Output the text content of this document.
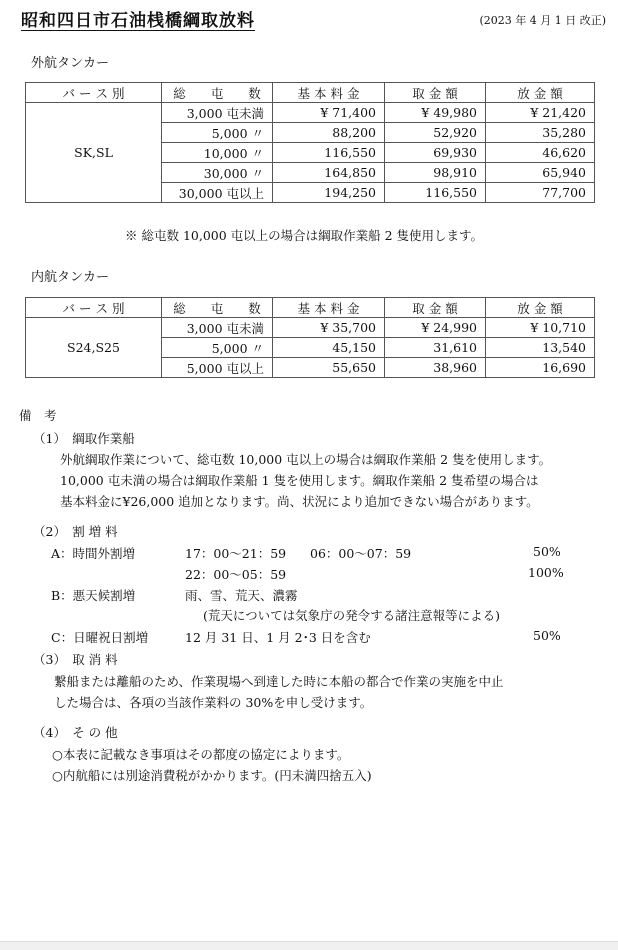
昭和四日市石油桟橋綱取放料	(2023 年 4 月 1 日 改正)
外航タンカー
バ ー ス 別	総　　屯　　数	基 本 料 金	取 金 額	放 金 額
SK,SL	3,000 屯未満	¥ 71,400	¥ 49,980	¥ 21,420
	5,000 〃	88,200	52,920	35,280
	10,000 〃	116,550	69,930	46,620
	30,000 〃	164,850	98,910	65,940
	30,000 屯以上	194,250	116,550	77,700
※ 総屯数 10,000 屯以上の場合は綱取作業船 2 隻使用します。
内航タンカー
バ ー ス 別	総　　屯　　数	基 本 料 金	取 金 額	放 金 額
S24,S25	3,000 屯未満	¥ 35,700	¥ 24,990	¥ 10,710
	5,000 〃	45,150	31,610	13,540
	5,000 屯以上	55,650	38,960	16,690
備　考
（1）　綱取作業船
外航綱取作業について、総屯数 10,000 屯以上の場合は綱取作業船 2 隻を使用します。
10,000 屯未満の場合は綱取作業船 1 隻を使用します。綱取作業船 2 隻希望の場合は
基本料金に¥26,000 追加となります。尚、状況により追加できない場合があります。
（2）　割 増 料
A：時間外割増	17：00〜21：59 06：00〜07：59	50%
22：00〜05：59	100%
B：悪天候割増	雨、雪、荒天、濃霧
(荒天については気象庁の発令する諸注意報等による)
C：日曜祝日割増	12 月 31 日、1 月 2･3 日を含む	50%
（3）　取 消 料
繋船または離船のため、作業現場へ到達した時に本船の都合で作業の実施を中止
した場合は、各項の当該作業料の 30%を申し受けます。
（4）　そ の 他
○本表に記載なき事項はその都度の協定によります。
○内航船には別途消費税がかかります。(円未満四捨五入)
